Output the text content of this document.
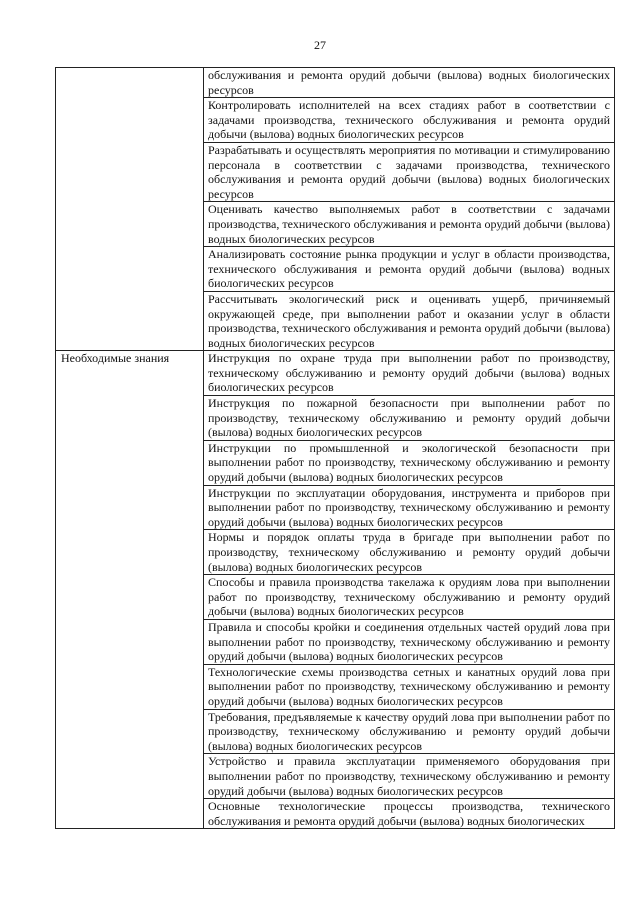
27
	обслуживания и ремонта орудий добычи (вылова) водных биологических ресурсов
	Контролировать исполнителей на всех стадиях работ в соответствии с задачами производства, технического обслуживания и ремонта орудий добычи (вылова) водных биологических ресурсов
	Разрабатывать и осуществлять мероприятия по мотивации и стимулированию персонала в соответствии с задачами производства, технического обслуживания и ремонта орудий добычи (вылова) водных биологических ресурсов
	Оценивать качество выполняемых работ в соответствии с задачами производства, технического обслуживания и ремонта орудий добычи (вылова) водных биологических ресурсов
	Анализировать состояние рынка продукции и услуг в области производства, технического обслуживания и ремонта орудий добычи (вылова) водных биологических ресурсов
	Рассчитывать экологический риск и оценивать ущерб, причиняемый окружающей среде, при выполнении работ и оказании услуг в области производства, технического обслуживания и ремонта орудий добычи (вылова) водных биологических ресурсов
Необходимые знания	Инструкция по охране труда при выполнении работ по производству, техническому обслуживанию и ремонту орудий добычи (вылова) водных биологических ресурсов
	Инструкция по пожарной безопасности при выполнении работ по производству, техническому обслуживанию и ремонту орудий добычи (вылова) водных биологических ресурсов
	Инструкции по промышленной и экологической безопасности при выполнении работ по производству, техническому обслуживанию и ремонту орудий добычи (вылова) водных биологических ресурсов
	Инструкции по эксплуатации оборудования, инструмента и приборов при выполнении работ по производству, техническому обслуживанию и ремонту орудий добычи (вылова) водных биологических ресурсов
	Нормы и порядок оплаты труда в бригаде при выполнении работ по производству, техническому обслуживанию и ремонту орудий добычи (вылова) водных биологических ресурсов
	Способы и правила производства такелажа к орудиям лова при выполнении работ по производству, техническому обслуживанию и ремонту орудий добычи (вылова) водных биологических ресурсов
	Правила и способы кройки и соединения отдельных частей орудий лова при выполнении работ по производству, техническому обслуживанию и ремонту орудий добычи (вылова) водных биологических ресурсов
	Технологические схемы производства сетных и канатных орудий лова при выполнении работ по производству, техническому обслуживанию и ремонту орудий добычи (вылова) водных биологических ресурсов
	Требования, предъявляемые к качеству орудий лова при выполнении работ по производству, техническому обслуживанию и ремонту орудий добычи (вылова) водных биологических ресурсов
	Устройство и правила эксплуатации применяемого оборудования при выполнении работ по производству, техническому обслуживанию и ремонту орудий добычи (вылова) водных биологических ресурсов
	Основные технологические процессы производства, технического обслуживания и ремонта орудий добычи (вылова) водных биологических
